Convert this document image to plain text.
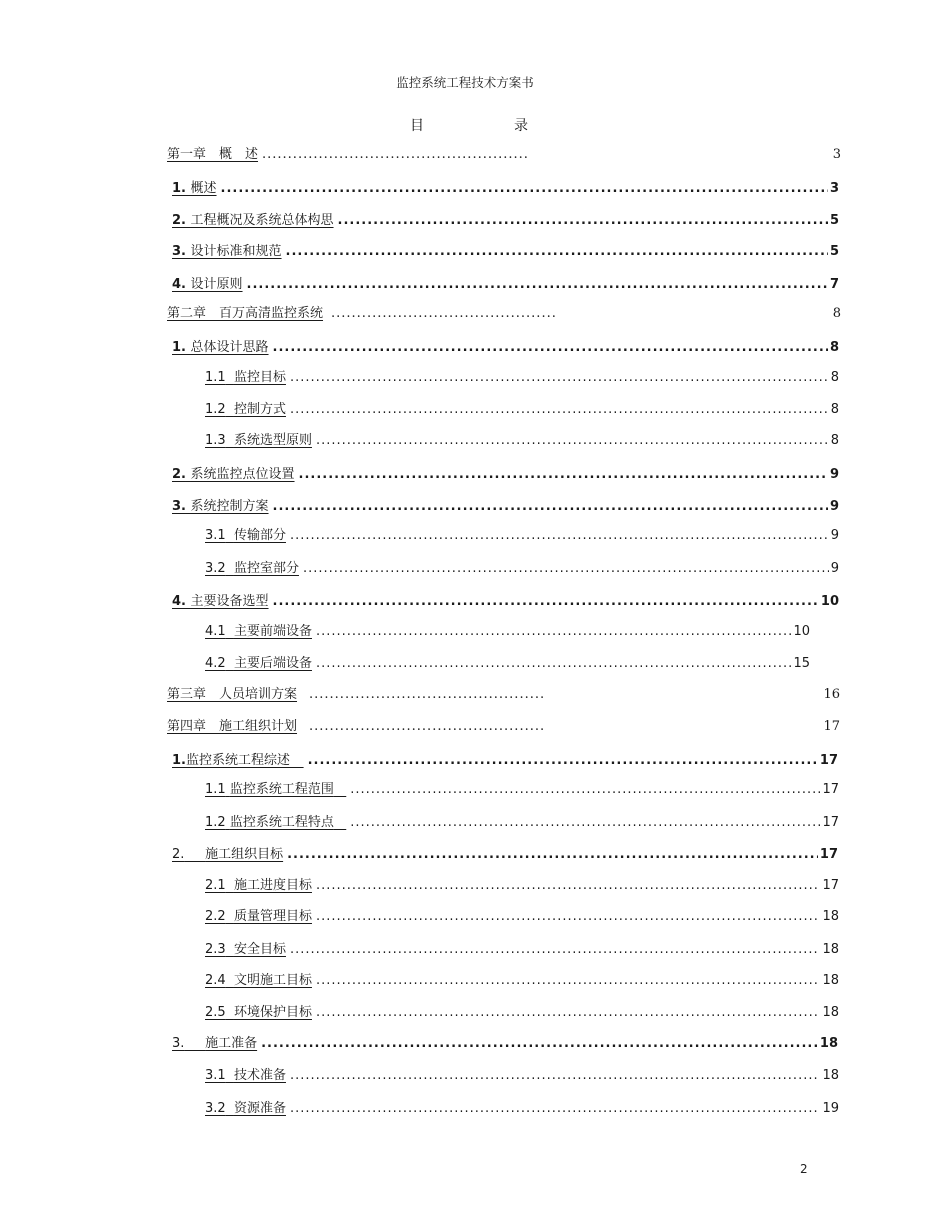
监控系统工程技术方案书
目　录
第一章　概　述 .....	3
1. 概述 .....	3
2. 工程概况及系统总体构思 .....	5
3. 设计标准和规范 .....	5
4. 设计原则 .....	7
第二章　百万高清监控系统 .....	8
1. 总体设计思路 .....	8
1.1 监控目标 .....	8
1.2 控制方式 .....	8
1.3 系统选型原则 .....	8
2. 系统监控点位设置 .....	9
3. 系统控制方案 .....	9
3.1 传输部分 .....	9
3.2 监控室部分 .....	9
4. 主要设备选型 .....	10
4.1 主要前端设备 .....	10
4.2 主要后端设备 .....	15
第三章　人员培训方案 .....	16
第四章　施工组织计划 .....	17
1.监控系统工程综述 .....	17
1.1 监控系统工程范围 .....	17
1.2 监控系统工程特点 .....	17
2. 施工组织目标 .....	17
2.1 施工进度目标 .....	17
2.2 质量管理目标 .....	18
2.3 安全目标 .....	18
2.4 文明施工目标 .....	18
2.5 环境保护目标 .....	18
3. 施工准备 .....	18
3.1 技术准备 .....	18
3.2 资源准备 .....	19
2
